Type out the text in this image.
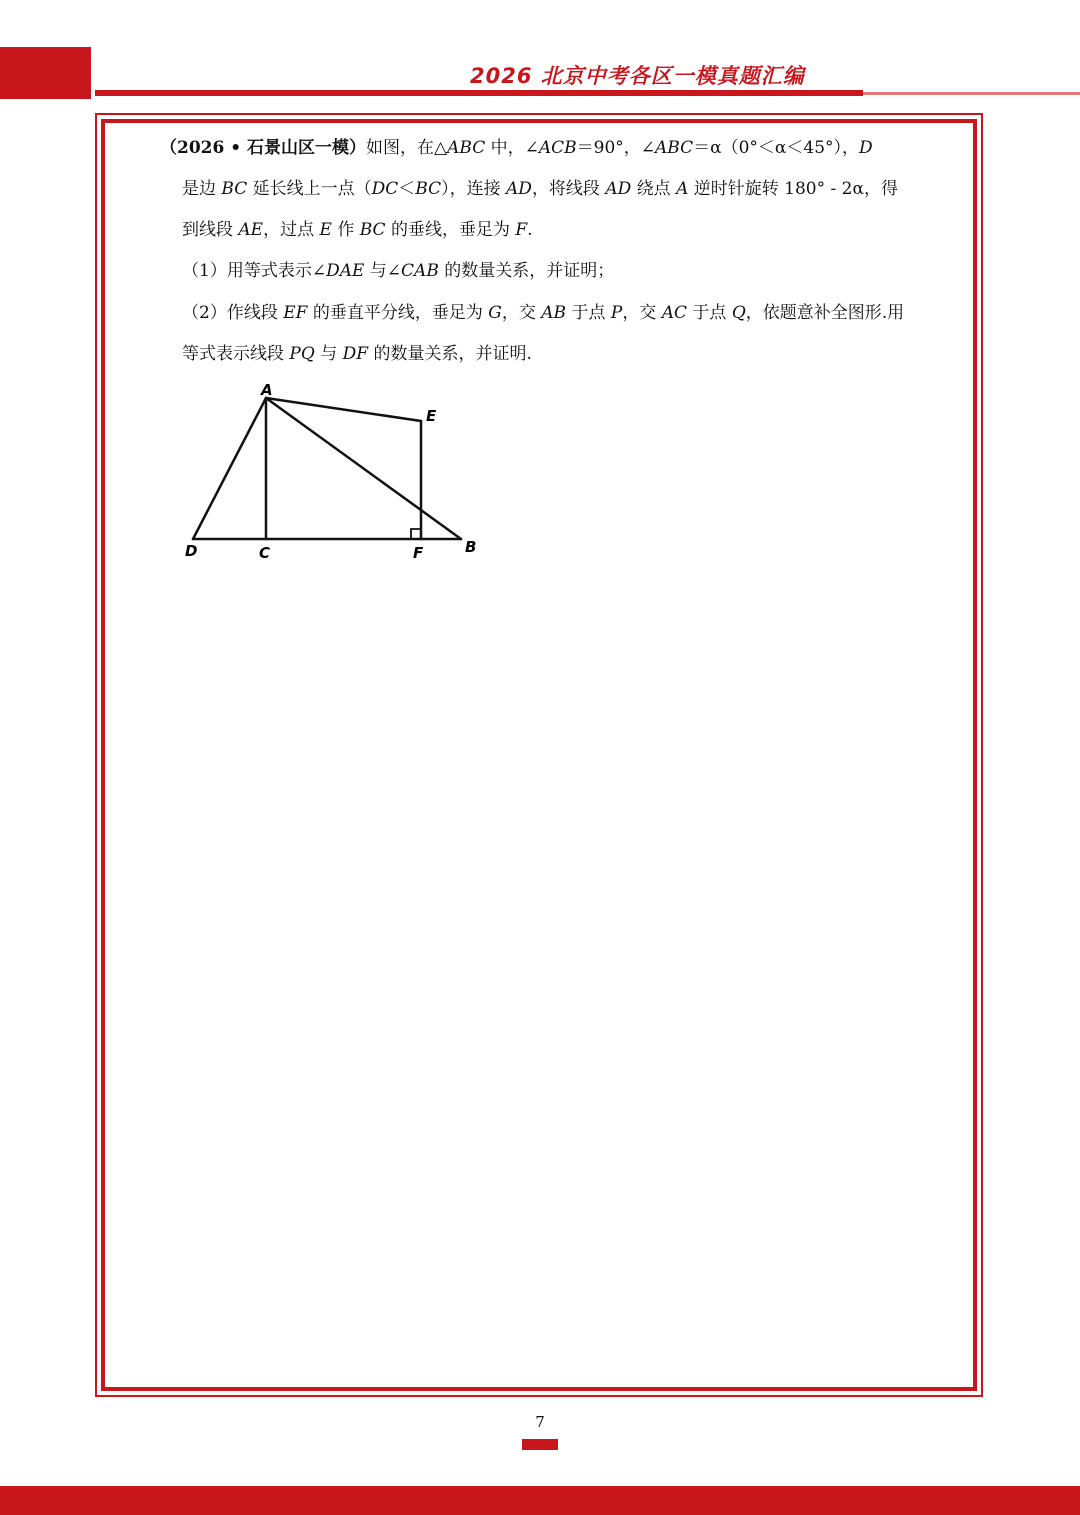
2026 北京中考各区一模真题汇编
（2026 • 石景山区一模）如图，在△ABC 中，∠ACB＝90°，∠ABC＝α（0°＜α＜45°），D
是边 BC 延长线上一点（DC＜BC），连接 AD，将线段 AD 绕点 A 逆时针旋转 180° - 2α，得
到线段 AE，过点 E 作 BC 的垂线，垂足为 F.
（1）用等式表示∠DAE 与∠CAB 的数量关系，并证明；
（2）作线段 EF 的垂直平分线，垂足为 G，交 AB 于点 P，交 AC 于点 Q，依题意补全图形.用
等式表示线段 PQ 与 DF 的数量关系，并证明.
A
E
D	C	F	B
7
